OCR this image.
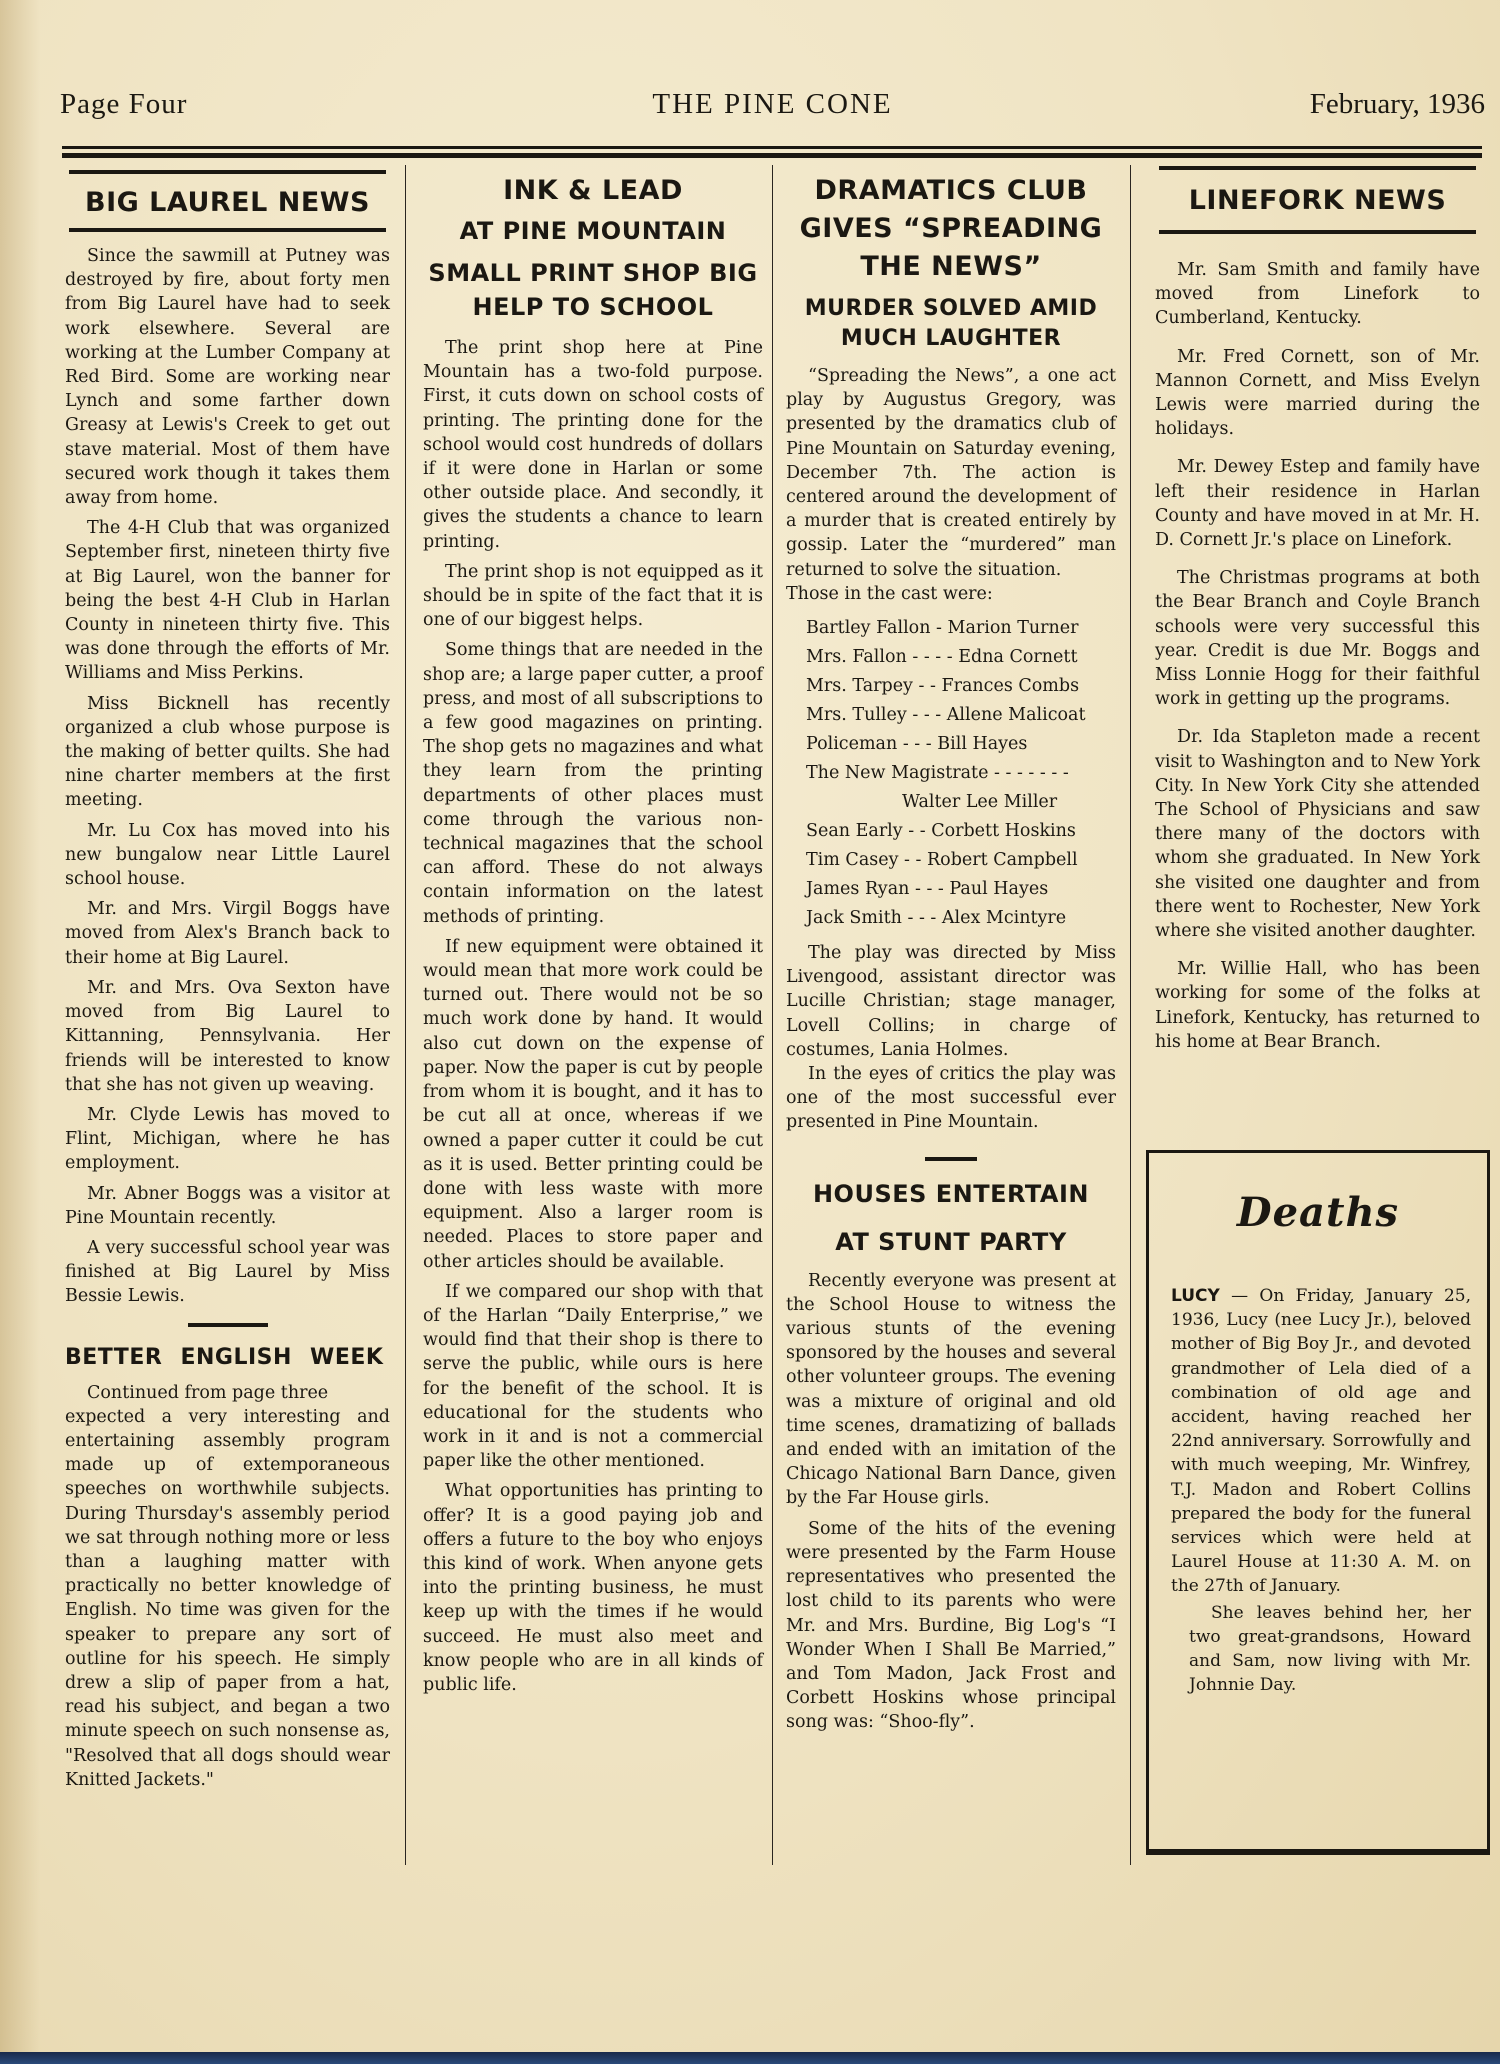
Page Four	THE PINE CONE	February, 1936
BIG LAUREL NEWS

Since the sawmill at Putney was destroyed by fire, about forty men from Big Laurel have had to seek work elsewhere. Several are working at the Lumber Company at Red Bird. Some are working near Lynch and some farther down Greasy at Lewis's Creek to get out stave material. Most of them have secured work though it takes them away from home.

The 4-H Club that was organized September first, nineteen thirty five at Big Laurel, won the banner for being the best 4-H Club in Harlan County in nineteen thirty five. This was done through the efforts of Mr. Williams and Miss Perkins.

Miss Bicknell has recently organized a club whose purpose is the making of better quilts. She had nine charter members at the first meeting.

Mr. Lu Cox has moved into his new bungalow near Little Laurel school house.

Mr. and Mrs. Virgil Boggs have moved from Alex's Branch back to their home at Big Laurel.

Mr. and Mrs. Ova Sexton have moved from Big Laurel to Kittanning, Pennsylvania. Her friends will be interested to know that she has not given up weaving.

Mr. Clyde Lewis has moved to Flint, Michigan, where he has employment.

Mr. Abner Boggs was a visitor at Pine Mountain recently.

A very successful school year was finished at Big Laurel by Miss Bessie Lewis.

BETTER ENGLISH WEEK

Continued from page three

expected a very interesting and entertaining assembly program made up of extemporaneous speeches on worthwhile subjects. During Thursday's assembly period we sat through nothing more or less than a laughing matter with practically no better knowledge of English. No time was given for the speaker to prepare any sort of outline for his speech. He simply drew a slip of paper from a hat, read his subject, and began a two minute speech on such nonsense as, "Resolved that all dogs should wear Knitted Jackets."

INK & LEAD
AT PINE MOUNTAIN
SMALL PRINT SHOP BIG
HELP TO SCHOOL

The print shop here at Pine Mountain has a two-fold purpose. First, it cuts down on school costs of printing. The printing done for the school would cost hundreds of dollars if it were done in Harlan or some other outside place. And secondly, it gives the students a chance to learn printing.

The print shop is not equipped as it should be in spite of the fact that it is one of our biggest helps.

Some things that are needed in the shop are; a large paper cutter, a proof press, and most of all subscriptions to a few good magazines on printing. The shop gets no magazines and what they learn from the printing departments of other places must come through the various non-technical magazines that the school can afford. These do not always contain information on the latest methods of printing.

If new equipment were obtained it would mean that more work could be turned out. There would not be so much work done by hand. It would also cut down on the expense of paper. Now the paper is cut by people from whom it is bought, and it has to be cut all at once, whereas if we owned a paper cutter it could be cut as it is used. Better printing could be done with less waste with more equipment. Also a larger room is needed. Places to store paper and other articles should be available.

If we compared our shop with that of the Harlan “Daily Enterprise,” we would find that their shop is there to serve the public, while ours is here for the benefit of the school. It is educational for the students who work in it and is not a commercial paper like the other mentioned.

What opportunities has printing to offer? It is a good paying job and offers a future to the boy who enjoys this kind of work. When anyone gets into the printing business, he must keep up with the times if he would succeed. He must also meet and know people who are in all kinds of public life.

DRAMATICS CLUB
GIVES “SPREADING
THE NEWS”
MURDER SOLVED AMID
MUCH LAUGHTER

“Spreading the News”, a one act play by Augustus Gregory, was presented by the dramatics club of Pine Mountain on Saturday evening, December 7th. The action is centered around the development of a murder that is created entirely by gossip. Later the “murdered” man returned to solve the situation.

Those in the cast were:
Bartley Fallon - Marion Turner
Mrs. Fallon - - - - Edna Cornett
Mrs. Tarpey - - Frances Combs
Mrs. Tulley - - - Allene Malicoat
Policeman - - - Bill Hayes
The New Magistrate - - - - - - -
Walter Lee Miller
Sean Early - - Corbett Hoskins
Tim Casey - - Robert Campbell
James Ryan - - - Paul Hayes
Jack Smith - - - Alex Mcintyre

The play was directed by Miss Livengood, assistant director was Lucille Christian; stage manager, Lovell Collins; in charge of costumes, Lania Holmes.

In the eyes of critics the play was one of the most successful ever presented in Pine Mountain.

HOUSES ENTERTAIN
AT STUNT PARTY

Recently everyone was present at the School House to witness the various stunts of the evening sponsored by the houses and several other volunteer groups. The evening was a mixture of original and old time scenes, dramatizing of ballads and ended with an imitation of the Chicago National Barn Dance, given by the Far House girls.

Some of the hits of the evening were presented by the Farm House representatives who presented the lost child to its parents who were Mr. and Mrs. Burdine, Big Log's “I Wonder When I Shall Be Married,” and Tom Madon, Jack Frost and Corbett Hoskins whose principal song was: “Shoo-fly”.

LINEFORK NEWS

Mr. Sam Smith and family have moved from Linefork to Cumberland, Kentucky.

Mr. Fred Cornett, son of Mr. Mannon Cornett, and Miss Evelyn Lewis were married during the holidays.

Mr. Dewey Estep and family have left their residence in Harlan County and have moved in at Mr. H. D. Cornett Jr.'s place on Linefork.

The Christmas programs at both the Bear Branch and Coyle Branch schools were very successful this year. Credit is due Mr. Boggs and Miss Lonnie Hogg for their faithful work in getting up the programs.

Dr. Ida Stapleton made a recent visit to Washington and to New York City. In New York City she attended The School of Physicians and saw there many of the doctors with whom she graduated. In New York she visited one daughter and from there went to Rochester, New York where she visited another daughter.

Mr. Willie Hall, who has been working for some of the folks at Linefork, Kentucky, has returned to his home at Bear Branch.

Deaths
LUCY — On Friday, January 25, 1936, Lucy (nee Lucy Jr.), beloved mother of Big Boy Jr., and devoted grandmother of Lela died of a combination of old age and accident, having reached her 22nd anniversary. Sorrowfully and with much weeping, Mr. Winfrey, T.J. Madon and Robert Collins prepared the body for the funeral services which were held at Laurel House at 11:30 A. M. on the 27th of January.
She leaves behind her, her two great-grandsons, Howard and Sam, now living with Mr. Johnnie Day.
